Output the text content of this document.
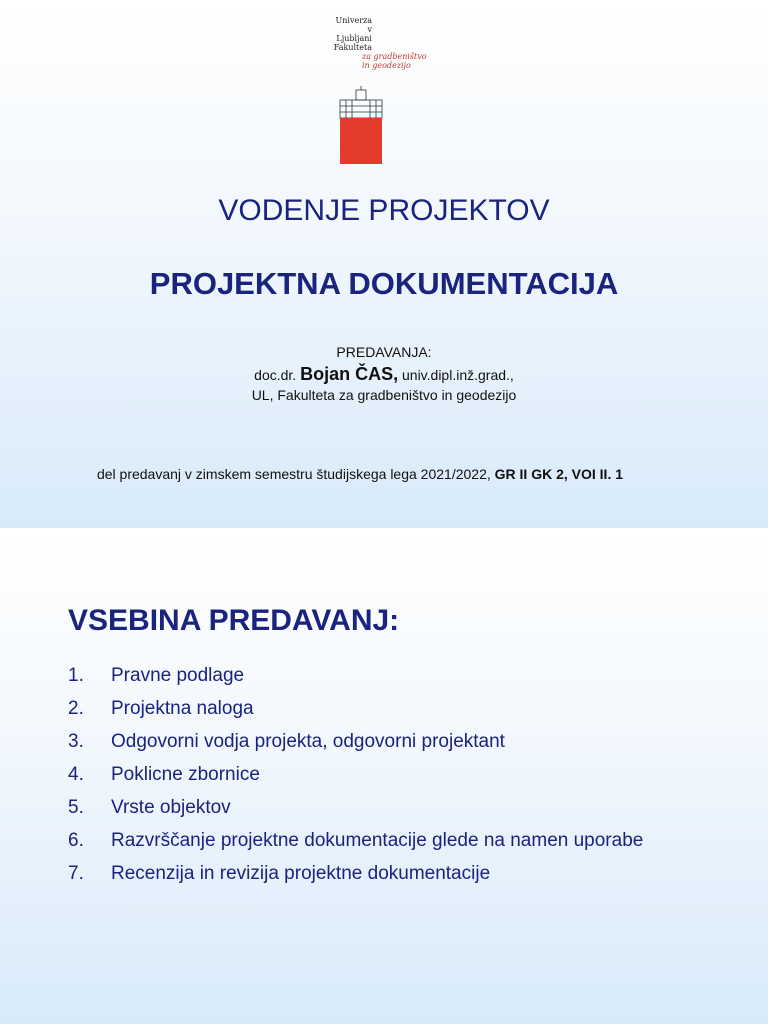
Univerza
v Ljubljani
Fakulteta
za gradbeništvo
in geodezijo
VODENJE PROJEKTOV
PROJEKTNA DOKUMENTACIJA
PREDAVANJA:
doc.dr. Bojan ČAS, univ.dipl.inž.grad.,
UL, Fakulteta za gradbeništvo in geodezijo
del predavanj v zimskem semestru študijskega lega 2021/2022, GR II GK 2, VOI II. 1
VSEBINA PREDAVANJ:
1. Pravne podlage
2. Projektna naloga
3. Odgovorni vodja projekta, odgovorni projektant
4. Poklicne zbornice
5. Vrste objektov
6. Razvrščanje projektne dokumentacije glede na namen uporabe
7. Recenzija in revizija projektne dokumentacije
